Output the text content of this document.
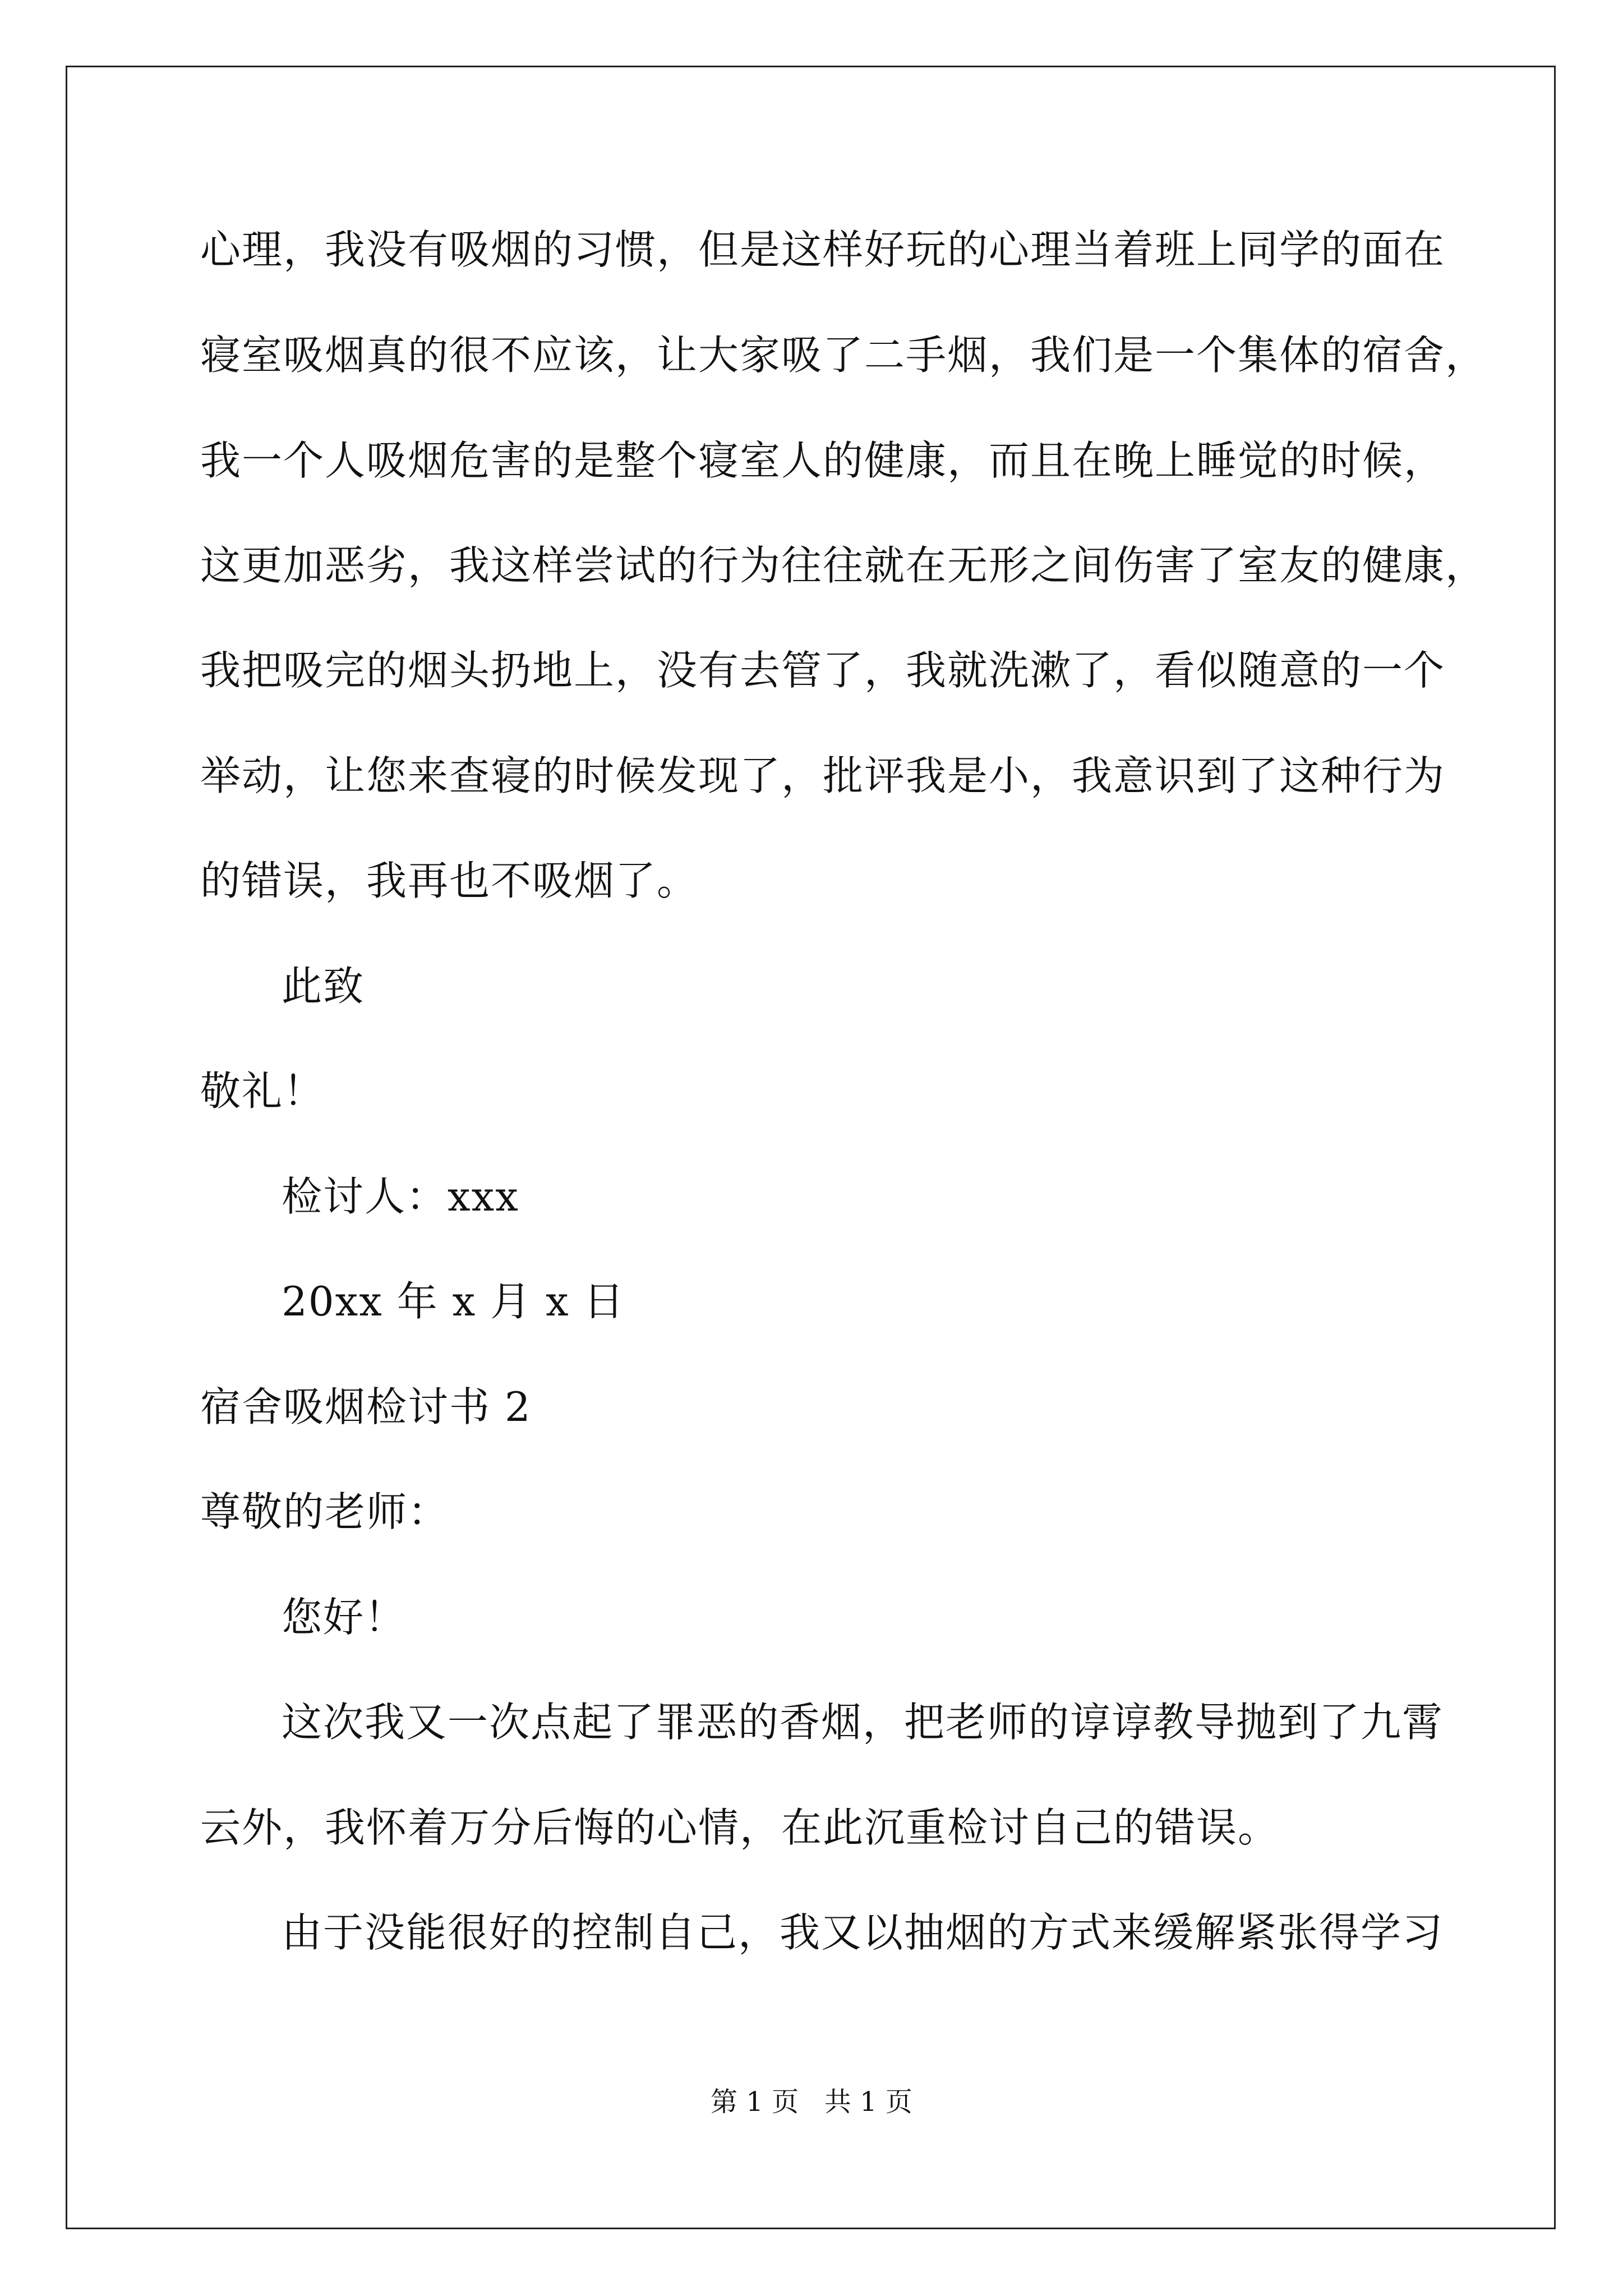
心理，我没有吸烟的习惯，但是这样好玩的心理当着班上同学的面在
寝室吸烟真的很不应该，让大家吸了二手烟，我们是一个集体的宿舍，
我一个人吸烟危害的是整个寝室人的健康，而且在晚上睡觉的时候，
这更加恶劣，我这样尝试的行为往往就在无形之间伤害了室友的健康，
我把吸完的烟头扔地上，没有去管了，我就洗漱了，看似随意的一个
举动，让您来查寝的时候发现了，批评我是小，我意识到了这种行为
的错误，我再也不吸烟了。
此致
敬礼！
检讨人：xxx
20xx 年 x 月 x 日
宿舍吸烟检讨书 2
尊敬的老师：
您好！
这次我又一次点起了罪恶的香烟，把老师的谆谆教导抛到了九霄
云外，我怀着万分后悔的心情，在此沉重检讨自己的错误。
由于没能很好的控制自己，我又以抽烟的方式来缓解紧张得学习
第 1 页   共 1 页
